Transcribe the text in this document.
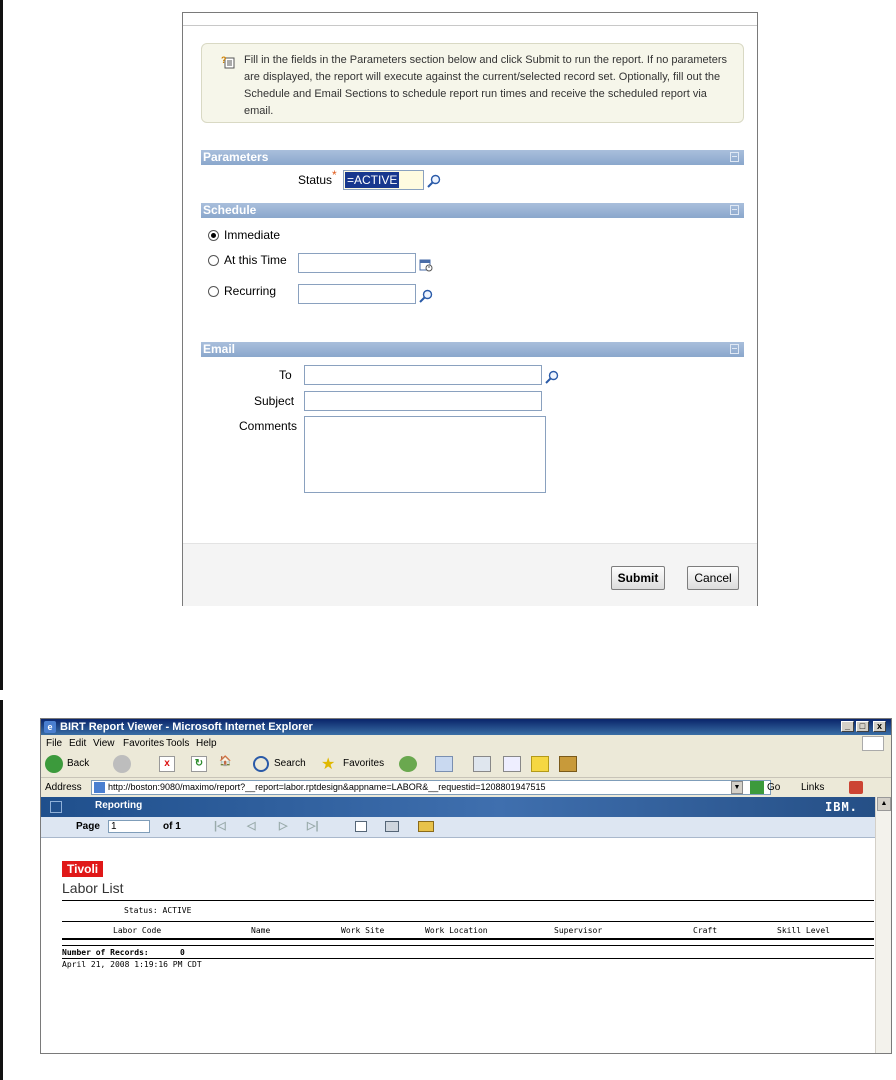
? Fill in the fields in the Parameters section below and click Submit to run the report. If no parameters are displayed, the report will execute against the current/selected record set. Optionally, fill out the Schedule and Email Sections to schedule report run times and receive the scheduled report via email.
Parameters
Status * =ACTIVE
Schedule
Immediate
At this Time
Recurring
Email
To
Subject
Comments
Submit	Cancel
e BIRT Report Viewer - Microsoft Internet Explorer	_	□	x
File Edit View Favorites Tools Help
Back	x	↻	🏠	Search ★ Favorites
Address	http://boston:9080/maximo/report?__report=labor.rptdesign&appname=LABOR&__requestid=1208801947515	▼	Go Links
Reporting	IBM.
Page	1	of 1	|◁ ◁ ▷ ▷|
Tivoli
Labor List
Status: ACTIVE
Labor Code	Name	Work Site	Work Location	Supervisor	Craft	Skill Level
Number of Records:	0
April 21, 2008 1:19:16 PM CDT
▲
